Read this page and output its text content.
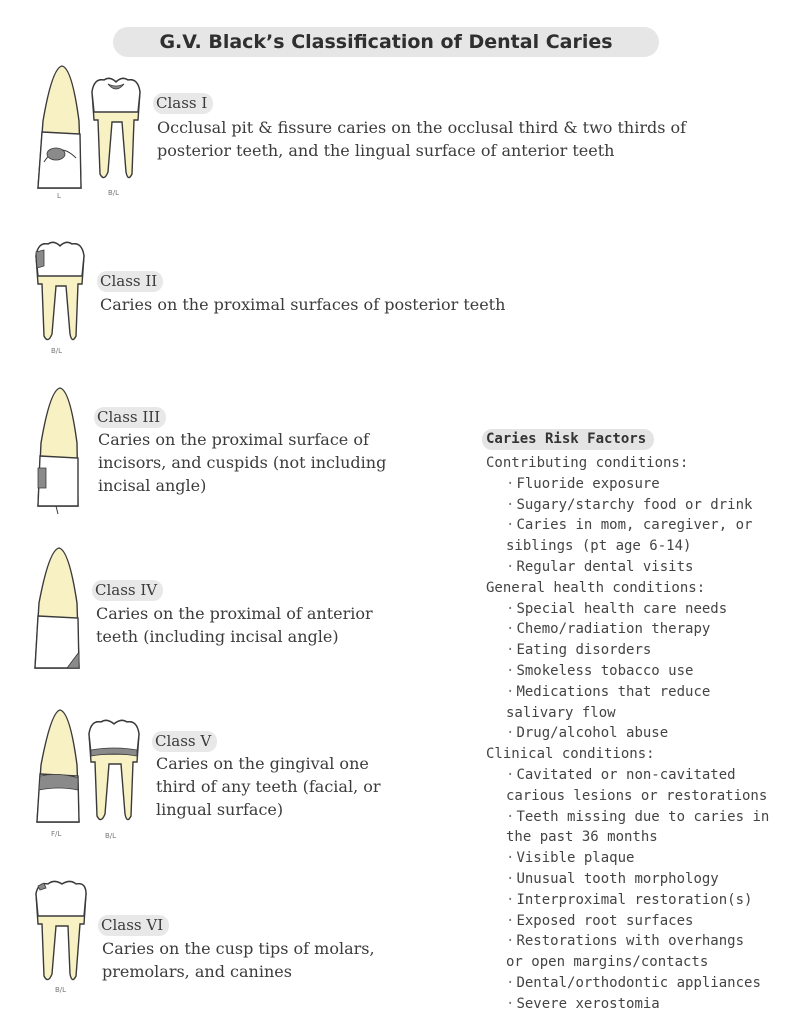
G.V. Black’s Classification of Dental Caries
L	B/L
Class I
Occlusal pit & fissure caries on the occlusal third & two thirds of
posterior teeth, and the lingual surface of anterior teeth
B/L
Class II
Caries on the proximal surfaces of posterior teeth
Class III
Caries on the proximal surface of
incisors, and cuspids (not including
incisal angle)
Class IV
Caries on the proximal of anterior
teeth (including incisal angle)
F/L	B/L
Class V
Caries on the gingival one
third of any teeth (facial, or
lingual surface)
B/L
Class VI
Caries on the cusp tips of molars,
premolars, and canines
Caries Risk Factors
Contributing conditions:
· Fluoride exposure
· Sugary/starchy food or drink
· Caries in mom, caregiver, or
siblings (pt age 6-14)
· Regular dental visits
General health conditions:
· Special health care needs
· Chemo/radiation therapy
· Eating disorders
· Smokeless tobacco use
· Medications that reduce
salivary flow
· Drug/alcohol abuse
Clinical conditions:
· Cavitated or non-cavitated
carious lesions or restorations
· Teeth missing due to caries in
the past 36 months
· Visible plaque
· Unusual tooth morphology
· Interproximal restoration(s)
· Exposed root surfaces
· Restorations with overhangs
or open margins/contacts
· Dental/orthodontic appliances
· Severe xerostomia
